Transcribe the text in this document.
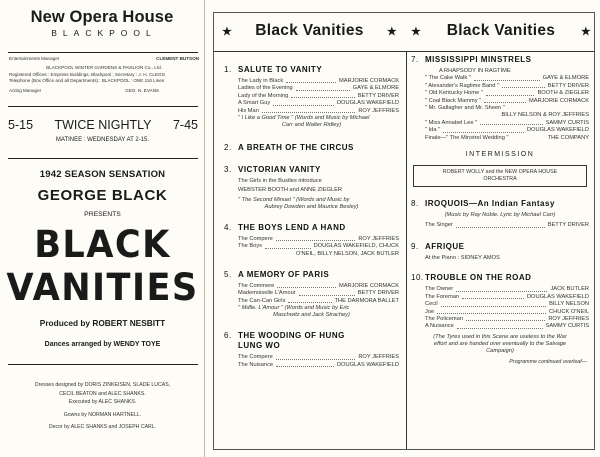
New Opera House
BLACKPOOL
Entertainments Manager	CLEMENT BUTSON
BLACKPOOL WINTER GARDENS & PAVILION Co., Ltd.
Registered Offices : Empress Buildings, Blackpool ; Secretary : J. H. CLEGG
Telephone (Box Office and all Departments) : BLACKPOOL : ONE 116 Lines
Acting Manager	GEO. N. EVANS
5-15 TWICE NIGHTLY 7-45
MATINEE : WEDNESDAY AT 2-15.
1942 SEASON SENSATION
GEORGE BLACK
PRESENTS
BLACK
VANITIES
Produced by ROBERT NESBITT
Dances arranged by WENDY TOYE
Dresses designed by DORIS ZINKEISEN, SLADE LUCAS,
CECIL BEATON and ALEC SHANKS.
Executed by ALEC SHANKS.
Gowns by NORMAN HARTNELL.
Decor by ALEC SHANKS and JOSEPH CARL.
★ Black Vanities ★ ★ Black Vanities ★
1. SALUTE TO VANITY
The Lady in Black	MARJORIE CORMACK
Ladies of the Evening	GAYE & ELMORE
Lady of the Morning	BETTY DRIVER
A Smart Guy	DOUGLAS WAKEFIELD
His Man	ROY JEFFRIES
" I Like a Good Time " (Words and Music by Michael
Carr and Walter Ridley)
2. A BREATH OF THE CIRCUS
3. VICTORIAN VANITY
The Girls in the Bustles introduce
WEBSTER BOOTH and ANNE ZIEGLER
" The Second Minuet " (Words and Music by
Aubrey Dowden and Maurice Besley)
4. THE BOYS LEND A HAND
The Compere	ROY JEFFRIES
The Boys	DOUGLAS WAKEFIELD, CHUCK
O'NEIL, BILLY NELSON, JACK BUTLER
5. A MEMORY OF PARIS
The Commere	MARJORIE CORMACK
Mademoiselle L'Amour	BETTY DRIVER
The Can-Can Girls	THE DARMORA BALLET
" Mdlle. L'Amour " (Words and Music by Eric
Maschwitz and Jack Strachey)
6. THE WOODING OF HUNG
LUNG WO
The Compere	ROY JEFFRIES
The Nuisance	DOUGLAS WAKEFIELD
7. MISSISSIPPI MINSTRELS
A RHAPSODY IN RAGTIME
" The Cake Walk "	GAYE & ELMORE
" Alexander's Ragtime Band "	BETTY DRIVER
" Old Kentucky Home "	BOOTH & ZIEGLER
" Coal Black Mammy "	MARJORIE CORMACK
" Mr. Gallagher and Mr. Sheen "
BILLY NELSON & ROY JEFFRIES
" Miss Annabel Lee "	SAMMY CURTIS
" Ida "	DOUGLAS WAKEFIELD
Finale—" The Minstrel Wedding "	THE COMPANY
INTERMISSION
ROBERT WOLLY and the NEW OPERA HOUSE
ORCHESTRA
8. IROQUOIS—An Indian Fantasy
(Music by Ray Noble. Lyric by Michael Carr)
The Singer	BETTY DRIVER
9. AFRIQUE
At the Piano : SIDNEY AMOS
10. TROUBLE ON THE ROAD
The Owner	JACK BUTLER
The Foreman	DOUGLAS WAKEFIELD
Cecil	BILLY NELSON
Joe	CHUCK O'NEIL
The Policeman	ROY JEFFRIES
A Nuisance	SAMMY CURTIS
(The Tyres used in this Scene are useless to the War
effort and are handed over eventually to the Salvage
Campaign)
Programme continued overleaf—
